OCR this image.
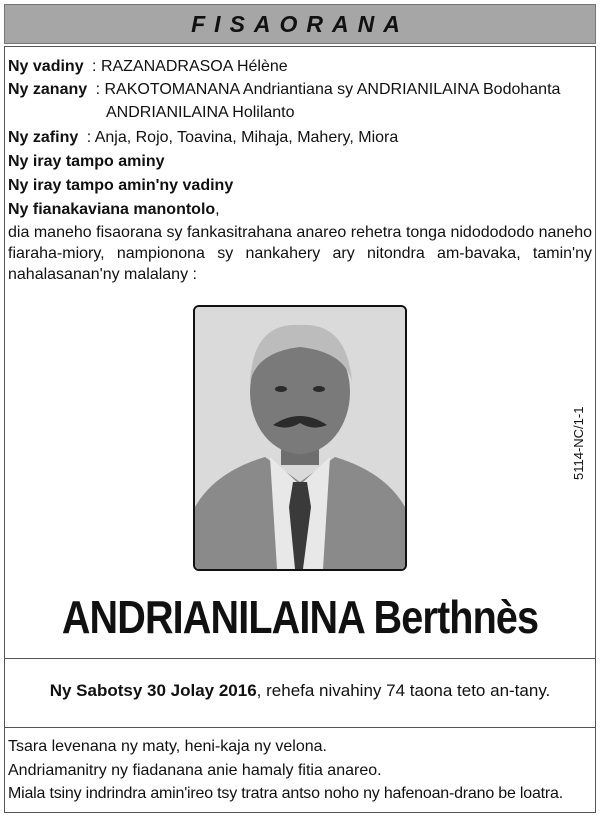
FISAORANA
Ny vadiny : RAZANADRASOA Hélène
Ny zanany : RAKOTOMANANA Andriantiana sy ANDRIANILAINA Bodohanta
ANDRIANILAINA Holilanto
Ny zafiny : Anja, Rojo, Toavina, Mihaja, Mahery, Miora
Ny iray tampo aminy
Ny iray tampo amin'ny vadiny
Ny fianakaviana manontolo,
dia maneho fisaorana sy fankasitrahana anareo rehetra tonga nidodododo naneho fiaraha-miory, nampionona sy nankahery ary nitondra am-bavaka, tamin'ny nahalasanan'ny malalany :
5114-NC/1-1
ANDRIANILAINA Berthnès
Ny Sabotsy 30 Jolay 2016, rehefa nivahiny 74 taona teto an-tany.
Tsara levenana ny maty, heni-kaja ny velona.
Andriamanitry ny fiadanana anie hamaly fitia anareo.
Miala tsiny indrindra amin'ireo tsy tratra antso noho ny hafenoan-drano be loatra.
